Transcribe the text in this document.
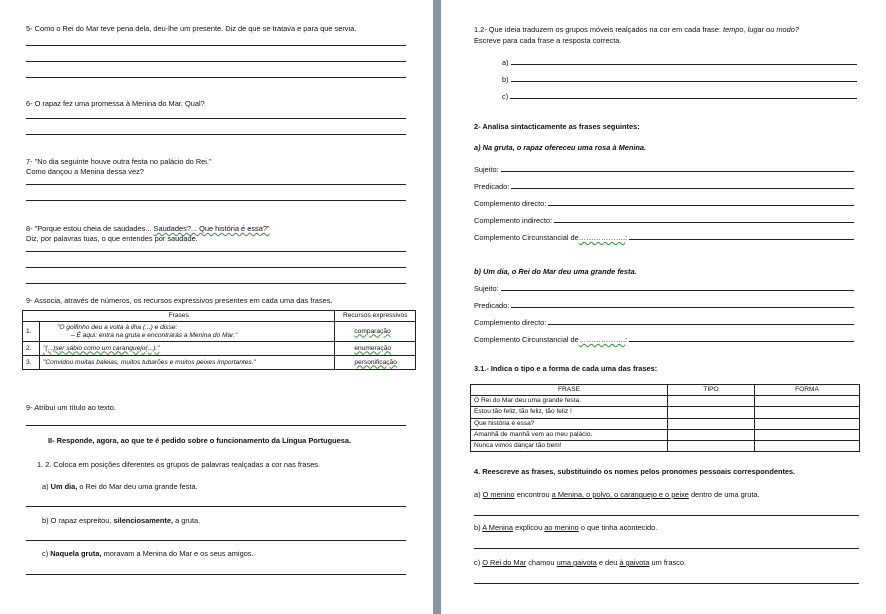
5- Como o Rei do Mar teve pena dela, deu-lhe um presente. Diz de que se tratava e para que servia.
6- O rapaz fez uma promessa à Menina do Mar. Qual?
7- "No dia seguinte houve outra festa no palácio do Rei."
Como dançou a Menina dessa vez?
8- "Porque estou cheia de saudades... Saudades?... Que história é essa?"
Diz, por palavras tuas, o que entendes por saudade.
9- Associa, através de números, os recursos expressivos presentes em cada uma das frases.
Frases		Recursos expressivos
1.	"O golfinho deu a volta à ilha (...) e disse:
– É aqui: entra na gruta e encontrarás a Menina do Mar."	comparação
2.	"(...)ser sábio como um caranguejo(...)."	enumeração
3.	"Convidou muitas baleias, muitos tubarões e muitos peixes importantes."	personificação
9- Atribui um título ao texto.
II- Responde, agora, ao que te é pedido sobre o funcionamento da Língua Portuguesa.
1. 2. Coloca em posições diferentes os grupos de palavras realçadas a cor nas frases.
a) Um dia, o Rei do Mar deu uma grande festa.
b) O rapaz espreitou, silenciosamente, a gruta.
c) Naquela gruta, moravam a Menina do Mar e os seus amigos.
1.2- Que ideia traduzem os grupos móveis realçados na cor em cada frase: tempo, lugar ou modo?
Escreve para cada frase a resposta correcta.
a)
b)
c)
2- Analisa sintacticamente as frases seguintes:
a) Na gruta, o rapaz ofereceu uma rosa à Menina.
Sujeito:
Predicado:
Complemento directo:
Complemento indirecto:
Complemento Circunstancial de ………………. :
b) Um dia, o Rei do Mar deu uma grande festa.
Sujeito:
Predicado:
Complemento directo:
Complemento Circunstancial de ………………. :
3.1.- Indica o tipo e a forma de cada uma das frases:
FRASE	TIPO	FORMA
O Rei do Mar deu uma grande festa.		
Estou tão feliz, tão feliz, tão feliz !		
Que história é essa?		
Amanhã de manhã vem ao meu palácio.		
Nunca vimos dançar tão bem!		
4. Reescreve as frases, substituindo os nomes pelos pronomes pessoais correspondentes.
a) O menino encontrou a Menina, o polvo, o caranguejo e o peixe dentro de uma gruta.
b) A Menina explicou ao menino o que tinha acontecido.
c) O Rei do Mar chamou uma gaivota e deu à gaivota um frasco.
